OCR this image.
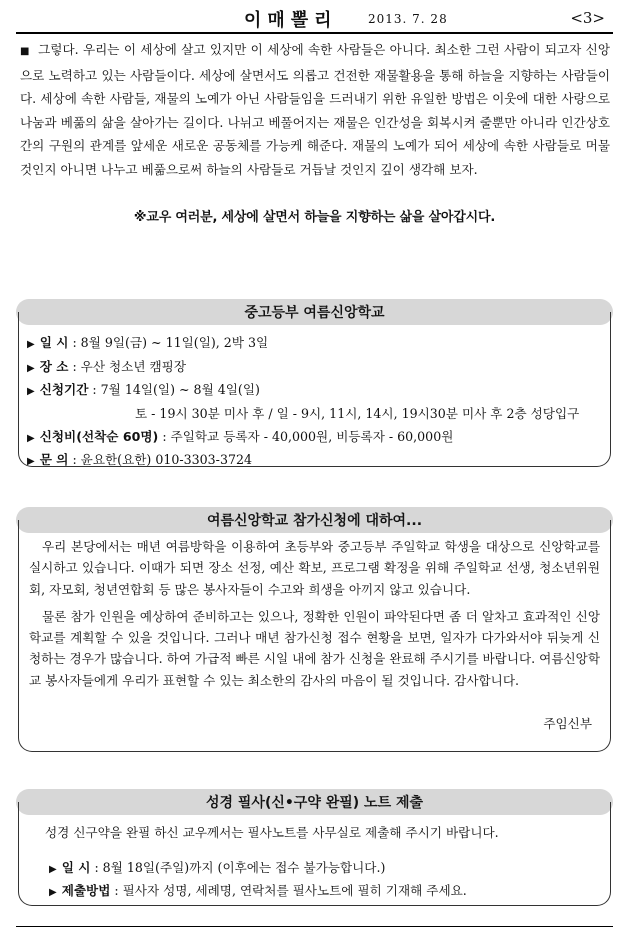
이매뽈리	2013. 7. 28	<3>
■ 그렇다. 우리는 이 세상에 살고 있지만 이 세상에 속한 사람들은 아니다. 최소한 그런 사람이 되고자 신앙으로 노력하고 있는 사람들이다. 세상에 살면서도 의롭고 건전한 재물활용을 통해 하늘을 지향하는 사람들이다. 세상에 속한 사람들, 재물의 노예가 아닌 사람들임을 드러내기 위한 유일한 방법은 이웃에 대한 사랑으로 나눔과 베풂의 삶을 살아가는 길이다. 나뉘고 베풀어지는 재물은 인간성을 회복시켜 줄뿐만 아니라 인간상호간의 구원의 관계를 앞세운 새로운 공동체를 가능케 해준다. 재물의 노예가 되어 세상에 속한 사람들로 머물 것인지 아니면 나누고 베풂으로써 하늘의 사람들로 거듭날 것인지 깊이 생각해 보자.
※교우 여러분, 세상에 살면서 하늘을 지향하는 삶을 살아갑시다.
중고등부 여름신앙학교
▶ 일 시 : 8월 9일(금) ~ 11일(일), 2박 3일
▶ 장 소 : 우산 청소년 캠핑장
▶ 신청기간 : 7월 14일(일) ~ 8월 4일(일)
토 - 19시 30분 미사 후 / 일 - 9시, 11시, 14시, 19시30분 미사 후 2층 성당입구
▶ 신청비(선착순 60명) : 주일학교 등록자 - 40,000원, 비등록자 - 60,000원
▶ 문 의 : 윤요한(요한) 010-3303-3724
여름신앙학교 참가신청에 대하여...
우리 본당에서는 매년 여름방학을 이용하여 초등부와 중고등부 주일학교 학생을 대상으로 신앙학교를 실시하고 있습니다. 이때가 되면 장소 선정, 예산 확보, 프로그램 확정을 위해 주일학교 선생, 청소년위원회, 자모회, 청년연합회 등 많은 봉사자들이 수고와 희생을 아끼지 않고 있습니다.
물론 참가 인원을 예상하여 준비하고는 있으나, 정확한 인원이 파악된다면 좀 더 알차고 효과적인 신앙학교를 계획할 수 있을 것입니다. 그러나 매년 참가신청 접수 현황을 보면, 일자가 다가와서야 뒤늦게 신청하는 경우가 많습니다. 하여 가급적 빠른 시일 내에 참가 신청을 완료해 주시기를 바랍니다. 여름신앙학교 봉사자들에게 우리가 표현할 수 있는 최소한의 감사의 마음이 될 것입니다. 감사합니다.
주임신부
성경 필사(신•구약 완필) 노트 제출
성경 신구약을 완필 하신 교우께서는 필사노트를 사무실로 제출해 주시기 바랍니다.
▶ 일 시 : 8월 18일(주일)까지 (이후에는 접수 불가능합니다.)
▶ 제출방법 : 필사자 성명, 세례명, 연락처를 필사노트에 필히 기재해 주세요.
